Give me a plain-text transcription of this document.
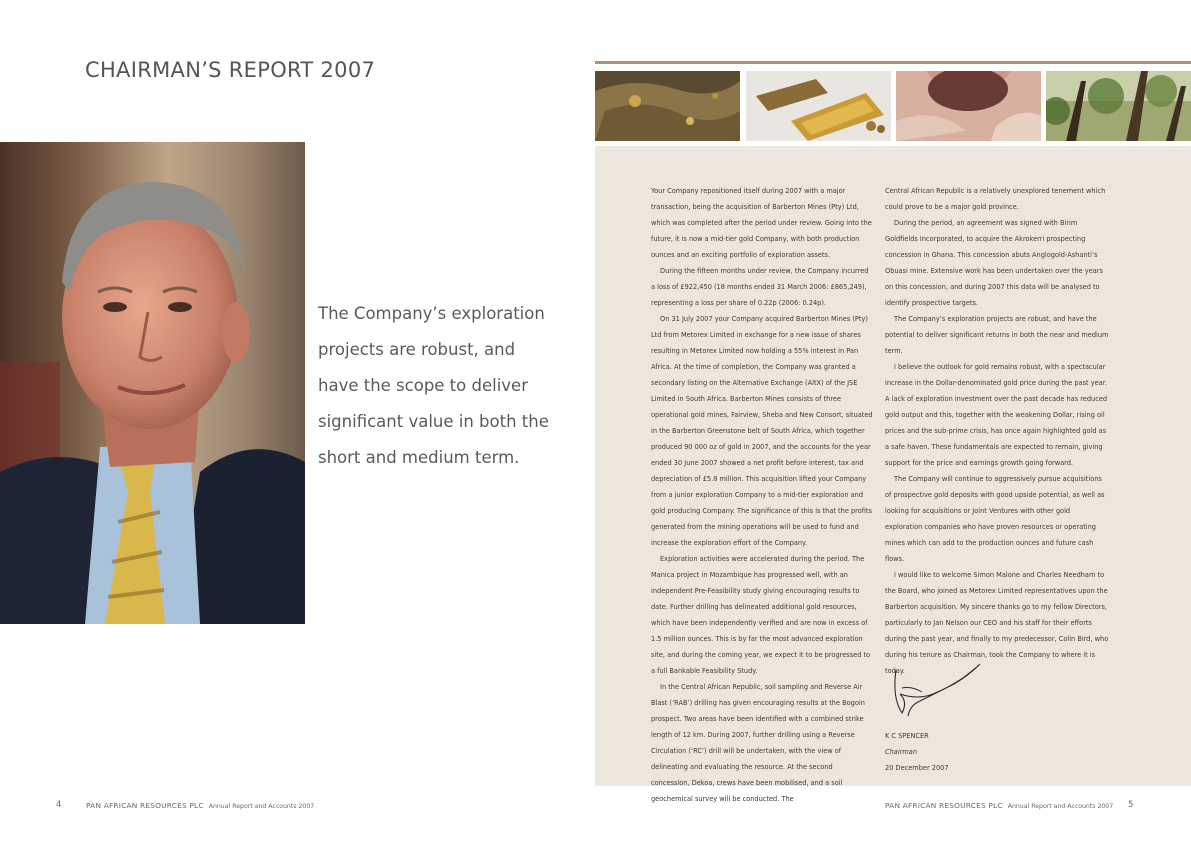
CHAIRMAN’S REPORT 2007

The Company’s exploration
projects are robust, and
have the scope to deliver
significant value in both the
short and medium term.

Your Company repositioned itself during 2007 with a major transaction, being the acquisition of Barberton Mines (Pty) Ltd, which was completed after the period under review. Going into the future, it is now a mid-tier gold Company, with both production ounces and an exciting portfolio of exploration assets.

During the fifteen months under review, the Company incurred a loss of £922,450 (18 months ended 31 March 2006: £865,249), representing a loss per share of 0.22p (2006: 0.24p).

On 31 July 2007 your Company acquired Barberton Mines (Pty) Ltd from Metorex Limited in exchange for a new issue of shares resulting in Metorex Limited now holding a 55% interest in Pan Africa. At the time of completion, the Company was granted a secondary listing on the Alternative Exchange (AltX) of the JSE Limited in South Africa. Barberton Mines consists of three operational gold mines, Fairview, Sheba and New Consort, situated in the Barberton Greenstone belt of South Africa, which together produced 90 000 oz of gold in 2007, and the accounts for the year ended 30 June 2007 showed a net profit before interest, tax and depreciation of £5.8 million. This acquisition lifted your Company from a junior exploration Company to a mid-tier exploration and gold producing Company. The significance of this is that the profits generated from the mining operations will be used to fund and increase the exploration effort of the Company.

Exploration activities were accelerated during the period. The Manica project in Mozambique has progressed well, with an independent Pre-Feasibility study giving encouraging results to date. Further drilling has delineated additional gold resources, which have been independently verified and are now in excess of 1.5 million ounces. This is by far the most advanced exploration site, and during the coming year, we expect it to be progressed to a full Bankable Feasibility Study.

In the Central African Republic, soil sampling and Reverse Air Blast (‘RAB’) drilling has given encouraging results at the Bogoin prospect. Two areas have been identified with a combined strike length of 12 km. During 2007, further drilling using a Reverse Circulation (‘RC’) drill will be undertaken, with the view of delineating and evaluating the resource. At the second concession, Dekoa, crews have been mobilised, and a soil geochemical survey will be conducted. The

Central African Republic is a relatively unexplored tenement which could prove to be a major gold province.

During the period, an agreement was signed with Birim Goldfields Incorporated, to acquire the Akrokerri prospecting concession in Ghana. This concession abuts Anglogold-Ashanti’s Obuasi mine. Extensive work has been undertaken over the years on this concession, and during 2007 this data will be analysed to identify prospective targets.

The Company’s exploration projects are robust, and have the potential to deliver significant returns in both the near and medium term.

I believe the outlook for gold remains robust, with a spectacular increase in the Dollar-denominated gold price during the past year. A lack of exploration investment over the past decade has reduced gold output and this, together with the weakening Dollar, rising oil prices and the sub-prime crisis, has once again highlighted gold as a safe haven. These fundamentals are expected to remain, giving support for the price and earnings growth going forward.

The Company will continue to aggressively pursue acquisitions of prospective gold deposits with good upside potential, as well as looking for acquisitions or Joint Ventures with other gold exploration companies who have proven resources or operating mines which can add to the production ounces and future cash flows.

I would like to welcome Simon Malone and Charles Needham to the Board, who joined as Metorex Limited representatives upon the Barberton acquisition. My sincere thanks go to my fellow Directors, particularly to Jan Nelson our CEO and his staff for their efforts during the past year, and finally to my predecessor, Colin Bird, who during his tenure as Chairman, took the Company to where it is today.

K C SPENCER
Chairman
20 December 2007
4	PAN AFRICAN RESOURCES PLC Annual Report and Accounts 2007	PAN AFRICAN RESOURCES PLC Annual Report and Accounts 2007 5
